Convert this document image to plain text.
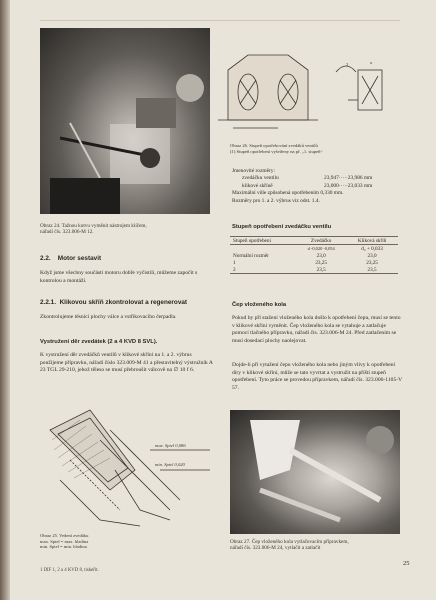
Obraz 24. Tažnou kotvu vyměnit nástrojem klíčem,
nářadí čís. 323.006-M 12.
2.2. Motor sestavit
Když jsme všechny součásti motoru dobře vyčistili, můžeme započít s kontrolou a montáží.
2.2.1. Klikovou skříň zkontrolovat a regenerovat
Zkontrolujeme těsnící plochy válce a vstřikovacího čerpadla.
Vystružení děr zvedátek (2 a 4 KVD 8 SVL).
K vystružení děr zvedáčků ventilů v klikové skříni na 1. a 2. výbrus použijeme přípravku, nářadí číslo 323.009-M 41 a přestavitelný výstružník A 23 TGL 29-210, jehož těleso se musí přebroušit válcově na ∅ 10 f 6.
max. Spiel 0,086
min. Spiel 0,020
Obraz 25. Vedení zvedáku
max. Spiel = max. hladina
min. Spiel = min. hladina
2	a
Obraz 26. Stupeň opotřebování zvedáků ventilů
(1) Stupeň opotřebení vyšetřeny na př. „1. stupeň“
Jmenovité rozměry:
zvedáčku ventilu	23,947·····23,986 mm
klikové skříně	23,000·····23,033 mm
Maximální vůle způsobená opotřebením 0,330 mm.
Rozměry pro 1. a 2. výbrus viz odst. 1.4.
Stupeň opotřebení zvedáčku ventilu
Stupeň opotřebení	Zvedáčko	Kliková skříň
	d -0,020 -0,054	d₂ + 0,033
Normální rozměr	23,0	23,0
1	23,25	23,25
2	23,5	23,5
Čep vloženého kola
Pokud by při stažení vloženého kola došlo k opotřebení čepu, musí se tento v klikové skříni vyměnit. Čep vloženého kola se vytahuje a zatlačuje pomocí tlačného přípravku, nářadí čís. 323.006-M 24. Před zatlačením se musí dosedací plochy naolejovat.
Dojde-li při vytažení čepu vloženého kola nebo jiným vlivy k opotřebení díry v klikové skříni, může se tato vyvrtat a vystružit na příští stupeň opotřebení. Tyto práce se provedou přípravkem, nářadí čís. 323.006-1105-V 57.
Obraz 27. Čep vloženého kola vytlačovacím přípravkem,
nářadí čís. 323.006-M 24, vytlačit a zatlačit
1 DIF 1, 2 a 4 KVD 8, tiskeřit.
25
